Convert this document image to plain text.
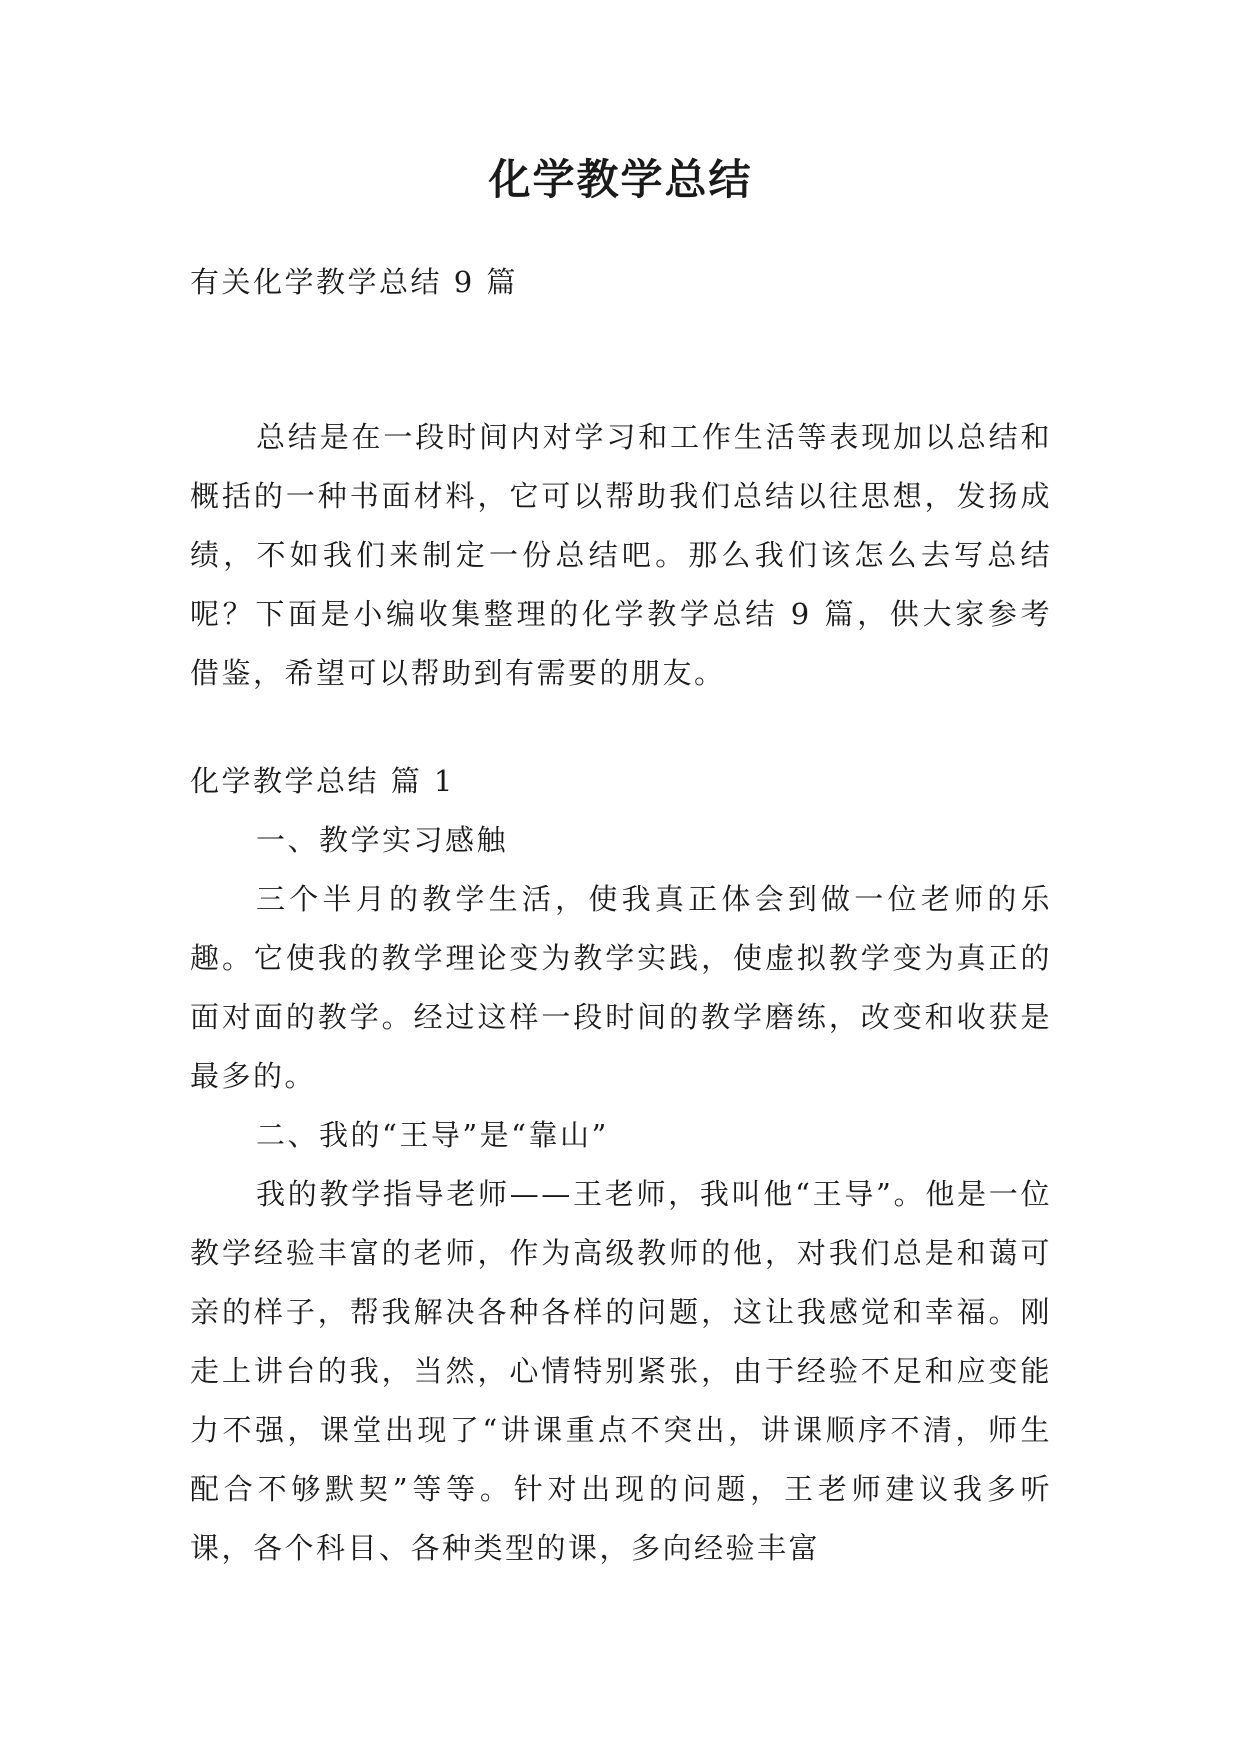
化学教学总结
有关化学教学总结 9 篇

总结是在一段时间内对学习和工作生活等表现加以总结和概括的一种书面材料，它可以帮助我们总结以往思想，发扬成绩，不如我们来制定一份总结吧。那么我们该怎么去写总结呢？下面是小编收集整理的化学教学总结 9 篇，供大家参考借鉴，希望可以帮助到有需要的朋友。

化学教学总结 篇 1

一、教学实习感触

三个半月的教学生活，使我真正体会到做一位老师的乐趣。它使我的教学理论变为教学实践，使虚拟教学变为真正的面对面的教学。经过这样一段时间的教学磨练，改变和收获是最多的。

二、我的“王导”是“靠山”

我的教学指导老师——王老师，我叫他“王导”。他是一位教学经验丰富的老师，作为高级教师的他，对我们总是和蔼可亲的样子，帮我解决各种各样的问题，这让我感觉和幸福。刚走上讲台的我，当然，心情特别紧张，由于经验不足和应变能力不强，课堂出现了“讲课重点不突出，讲课顺序不清，师生配合不够默契”等等。针对出现的问题，王老师建议我多听课，各个科目、各种类型的课，多向经验丰富
